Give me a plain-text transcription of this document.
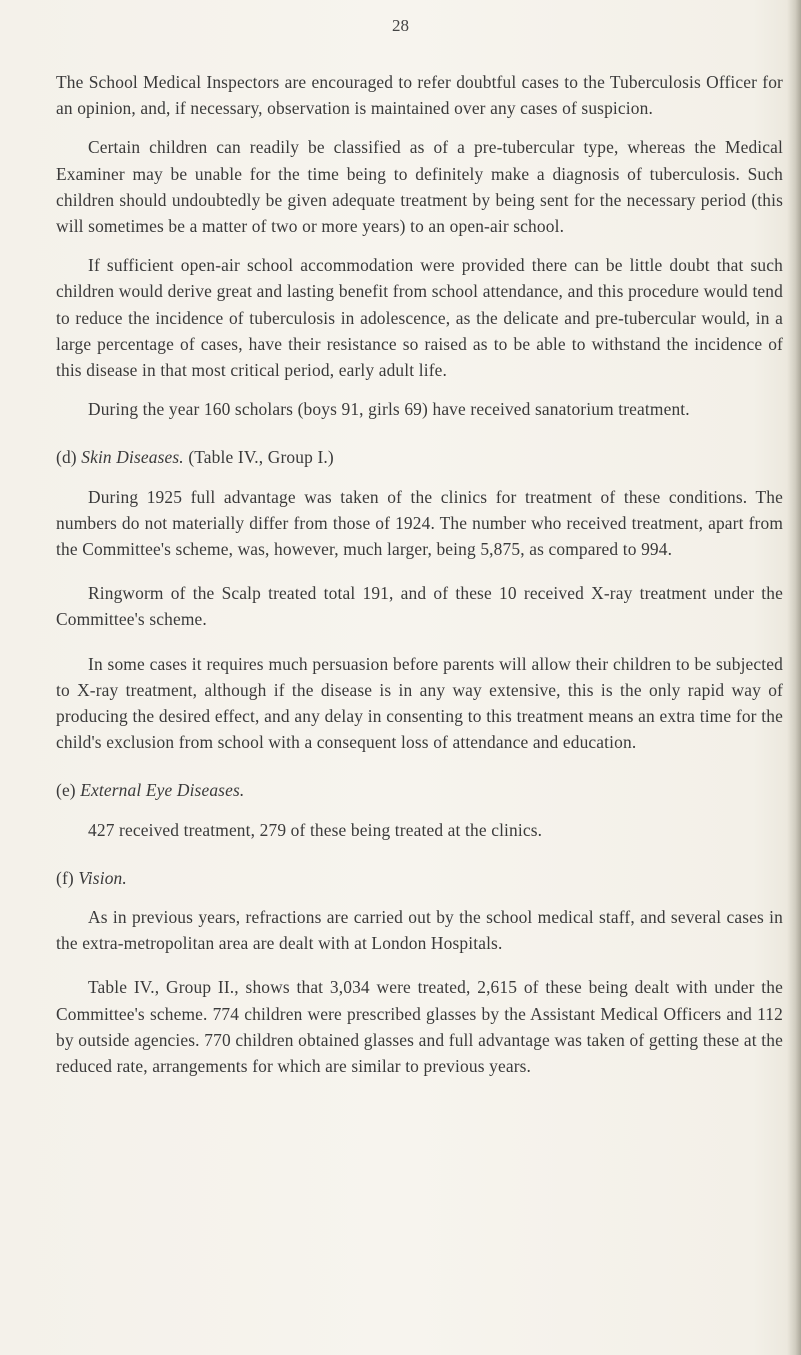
28

The School Medical Inspectors are encouraged to refer doubtful cases to the Tuberculosis Officer for an opinion, and, if necessary, observation is maintained over any cases of suspicion.

Certain children can readily be classified as of a pre-tubercular type, whereas the Medical Examiner may be unable for the time being to definitely make a diagnosis of tuberculosis. Such children should undoubtedly be given adequate treatment by being sent for the necessary period (this will sometimes be a matter of two or more years) to an open-air school.

If sufficient open-air school accommodation were provided there can be little doubt that such children would derive great and lasting benefit from school attendance, and this procedure would tend to reduce the incidence of tuberculosis in adolescence, as the delicate and pre-tubercular would, in a large percentage of cases, have their resistance so raised as to be able to withstand the incidence of this disease in that most critical period, early adult life.

During the year 160 scholars (boys 91, girls 69) have received sanatorium treatment.

(d) Skin Diseases. (Table IV., Group I.)

During 1925 full advantage was taken of the clinics for treatment of these conditions. The numbers do not materially differ from those of 1924. The number who received treatment, apart from the Committee's scheme, was, however, much larger, being 5,875, as compared to 994.

Ringworm of the Scalp treated total 191, and of these 10 received X-ray treatment under the Committee's scheme.

In some cases it requires much persuasion before parents will allow their children to be subjected to X-ray treatment, although if the disease is in any way extensive, this is the only rapid way of producing the desired effect, and any delay in consenting to this treatment means an extra time for the child's exclusion from school with a consequent loss of attendance and education.

(e) External Eye Diseases.

427 received treatment, 279 of these being treated at the clinics.

(f) Vision.

As in previous years, refractions are carried out by the school medical staff, and several cases in the extra-metropolitan area are dealt with at London Hospitals.

Table IV., Group II., shows that 3,034 were treated, 2,615 of these being dealt with under the Committee's scheme. 774 children were prescribed glasses by the Assistant Medical Officers and 112 by outside agencies. 770 children obtained glasses and full advantage was taken of getting these at the reduced rate, arrangements for which are similar to previous years.
